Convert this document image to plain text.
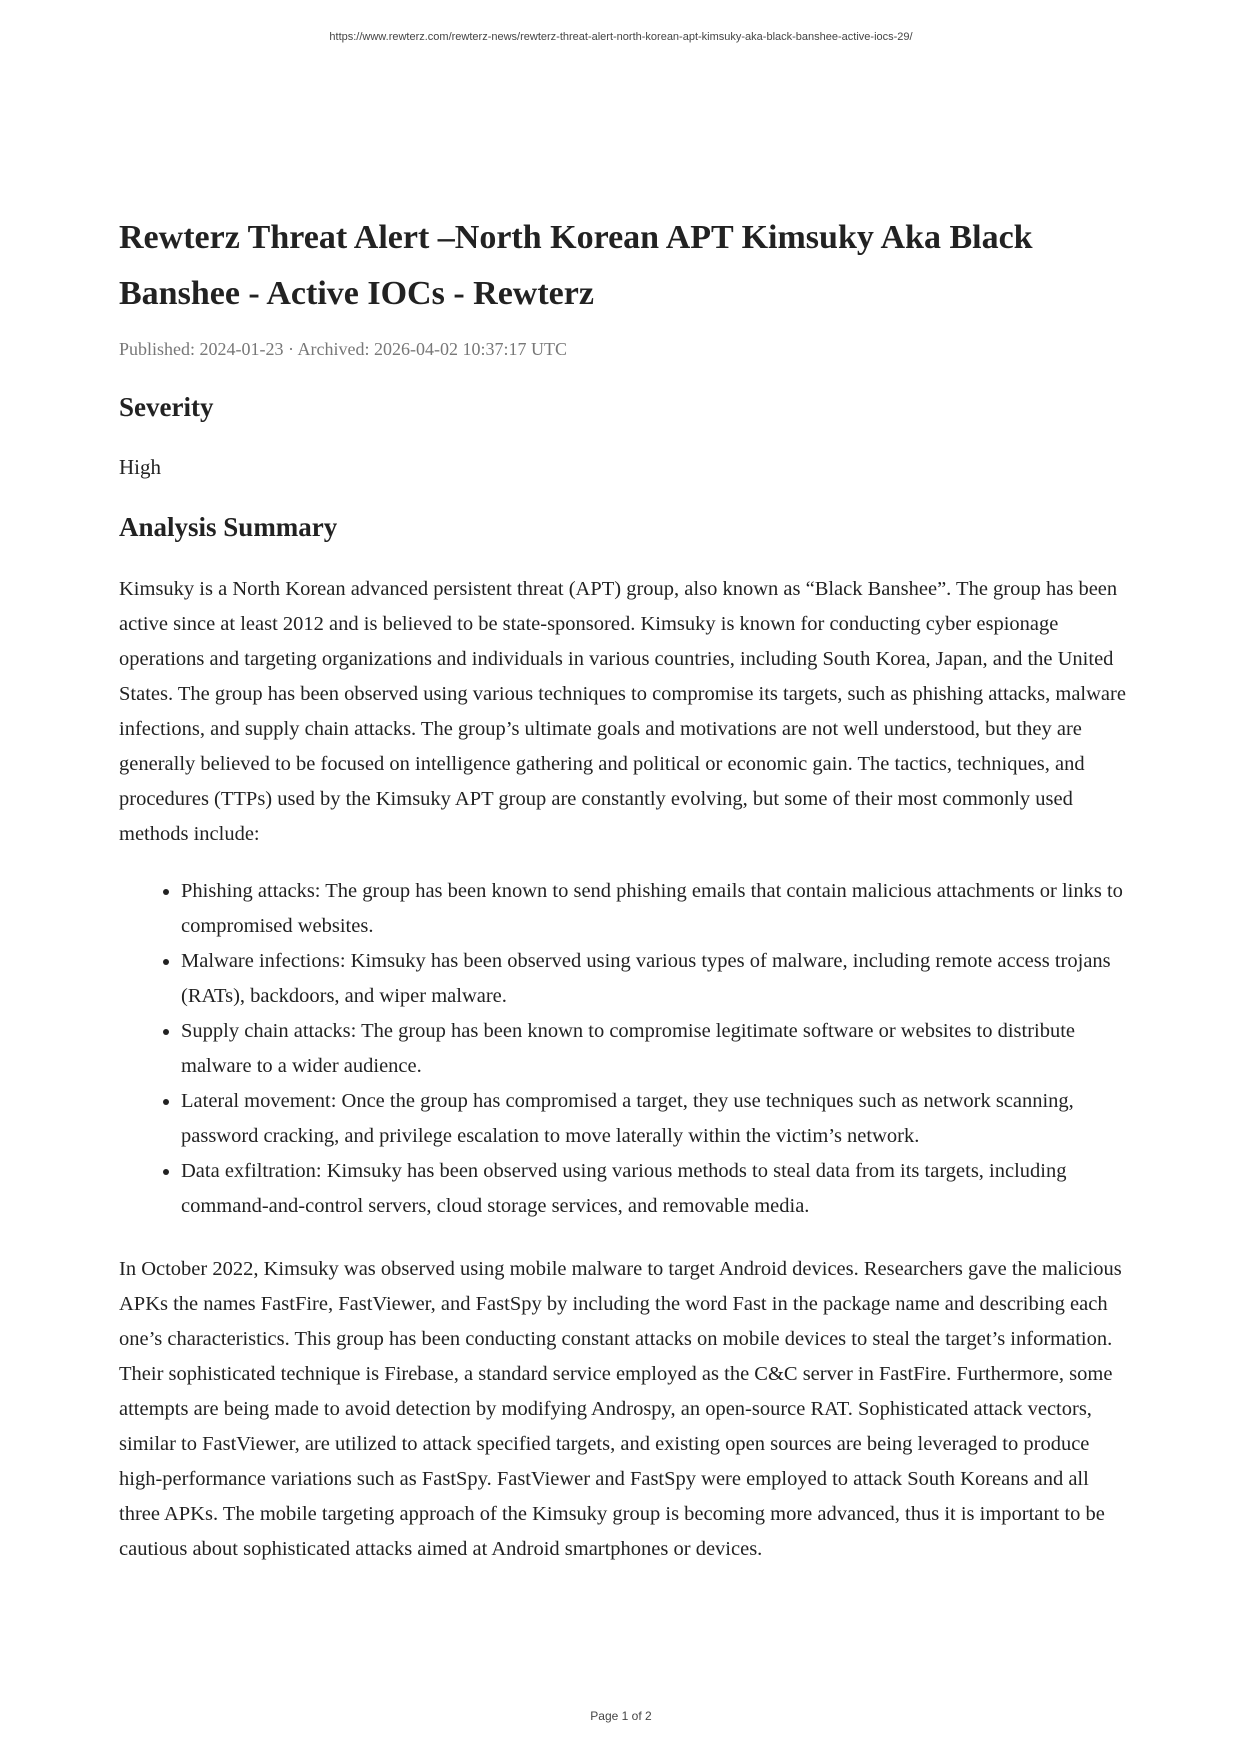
https://www.rewterz.com/rewterz-news/rewterz-threat-alert-north-korean-apt-kimsuky-aka-black-banshee-active-iocs-29/
Rewterz Threat Alert –North Korean APT Kimsuky Aka Black Banshee - Active IOCs - Rewterz
Published: 2024-01-23 · Archived: 2026-04-02 10:37:17 UTC
Severity
High
Analysis Summary

Kimsuky is a North Korean advanced persistent threat (APT) group, also known as “Black Banshee”. The group has been active since at least 2012 and is believed to be state-sponsored. Kimsuky is known for conducting cyber espionage operations and targeting organizations and individuals in various countries, including South Korea, Japan, and the United States. The group has been observed using various techniques to compromise its targets, such as phishing attacks, malware infections, and supply chain attacks. The group’s ultimate goals and motivations are not well understood, but they are generally believed to be focused on intelligence gathering and political or economic gain. The tactics, techniques, and procedures (TTPs) used by the Kimsuky APT group are constantly evolving, but some of their most commonly used methods include:

• Phishing attacks: The group has been known to send phishing emails that contain malicious attachments or links to compromised websites.
• Malware infections: Kimsuky has been observed using various types of malware, including remote access trojans (RATs), backdoors, and wiper malware.
• Supply chain attacks: The group has been known to compromise legitimate software or websites to distribute malware to a wider audience.
• Lateral movement: Once the group has compromised a target, they use techniques such as network scanning, password cracking, and privilege escalation to move laterally within the victim’s network.
• Data exfiltration: Kimsuky has been observed using various methods to steal data from its targets, including command-and-control servers, cloud storage services, and removable media.

In October 2022, Kimsuky was observed using mobile malware to target Android devices. Researchers gave the malicious APKs the names FastFire, FastViewer, and FastSpy by including the word Fast in the package name and describing each one’s characteristics. This group has been conducting constant attacks on mobile devices to steal the target’s information. Their sophisticated technique is Firebase, a standard service employed as the C&C server in FastFire. Furthermore, some attempts are being made to avoid detection by modifying Androspy, an open-source RAT. Sophisticated attack vectors, similar to FastViewer, are utilized to attack specified targets, and existing open sources are being leveraged to produce high-performance variations such as FastSpy. FastViewer and FastSpy were employed to attack South Koreans and all three APKs. The mobile targeting approach of the Kimsuky group is becoming more advanced, thus it is important to be cautious about sophisticated attacks aimed at Android smartphones or devices.

Page 1 of 2
